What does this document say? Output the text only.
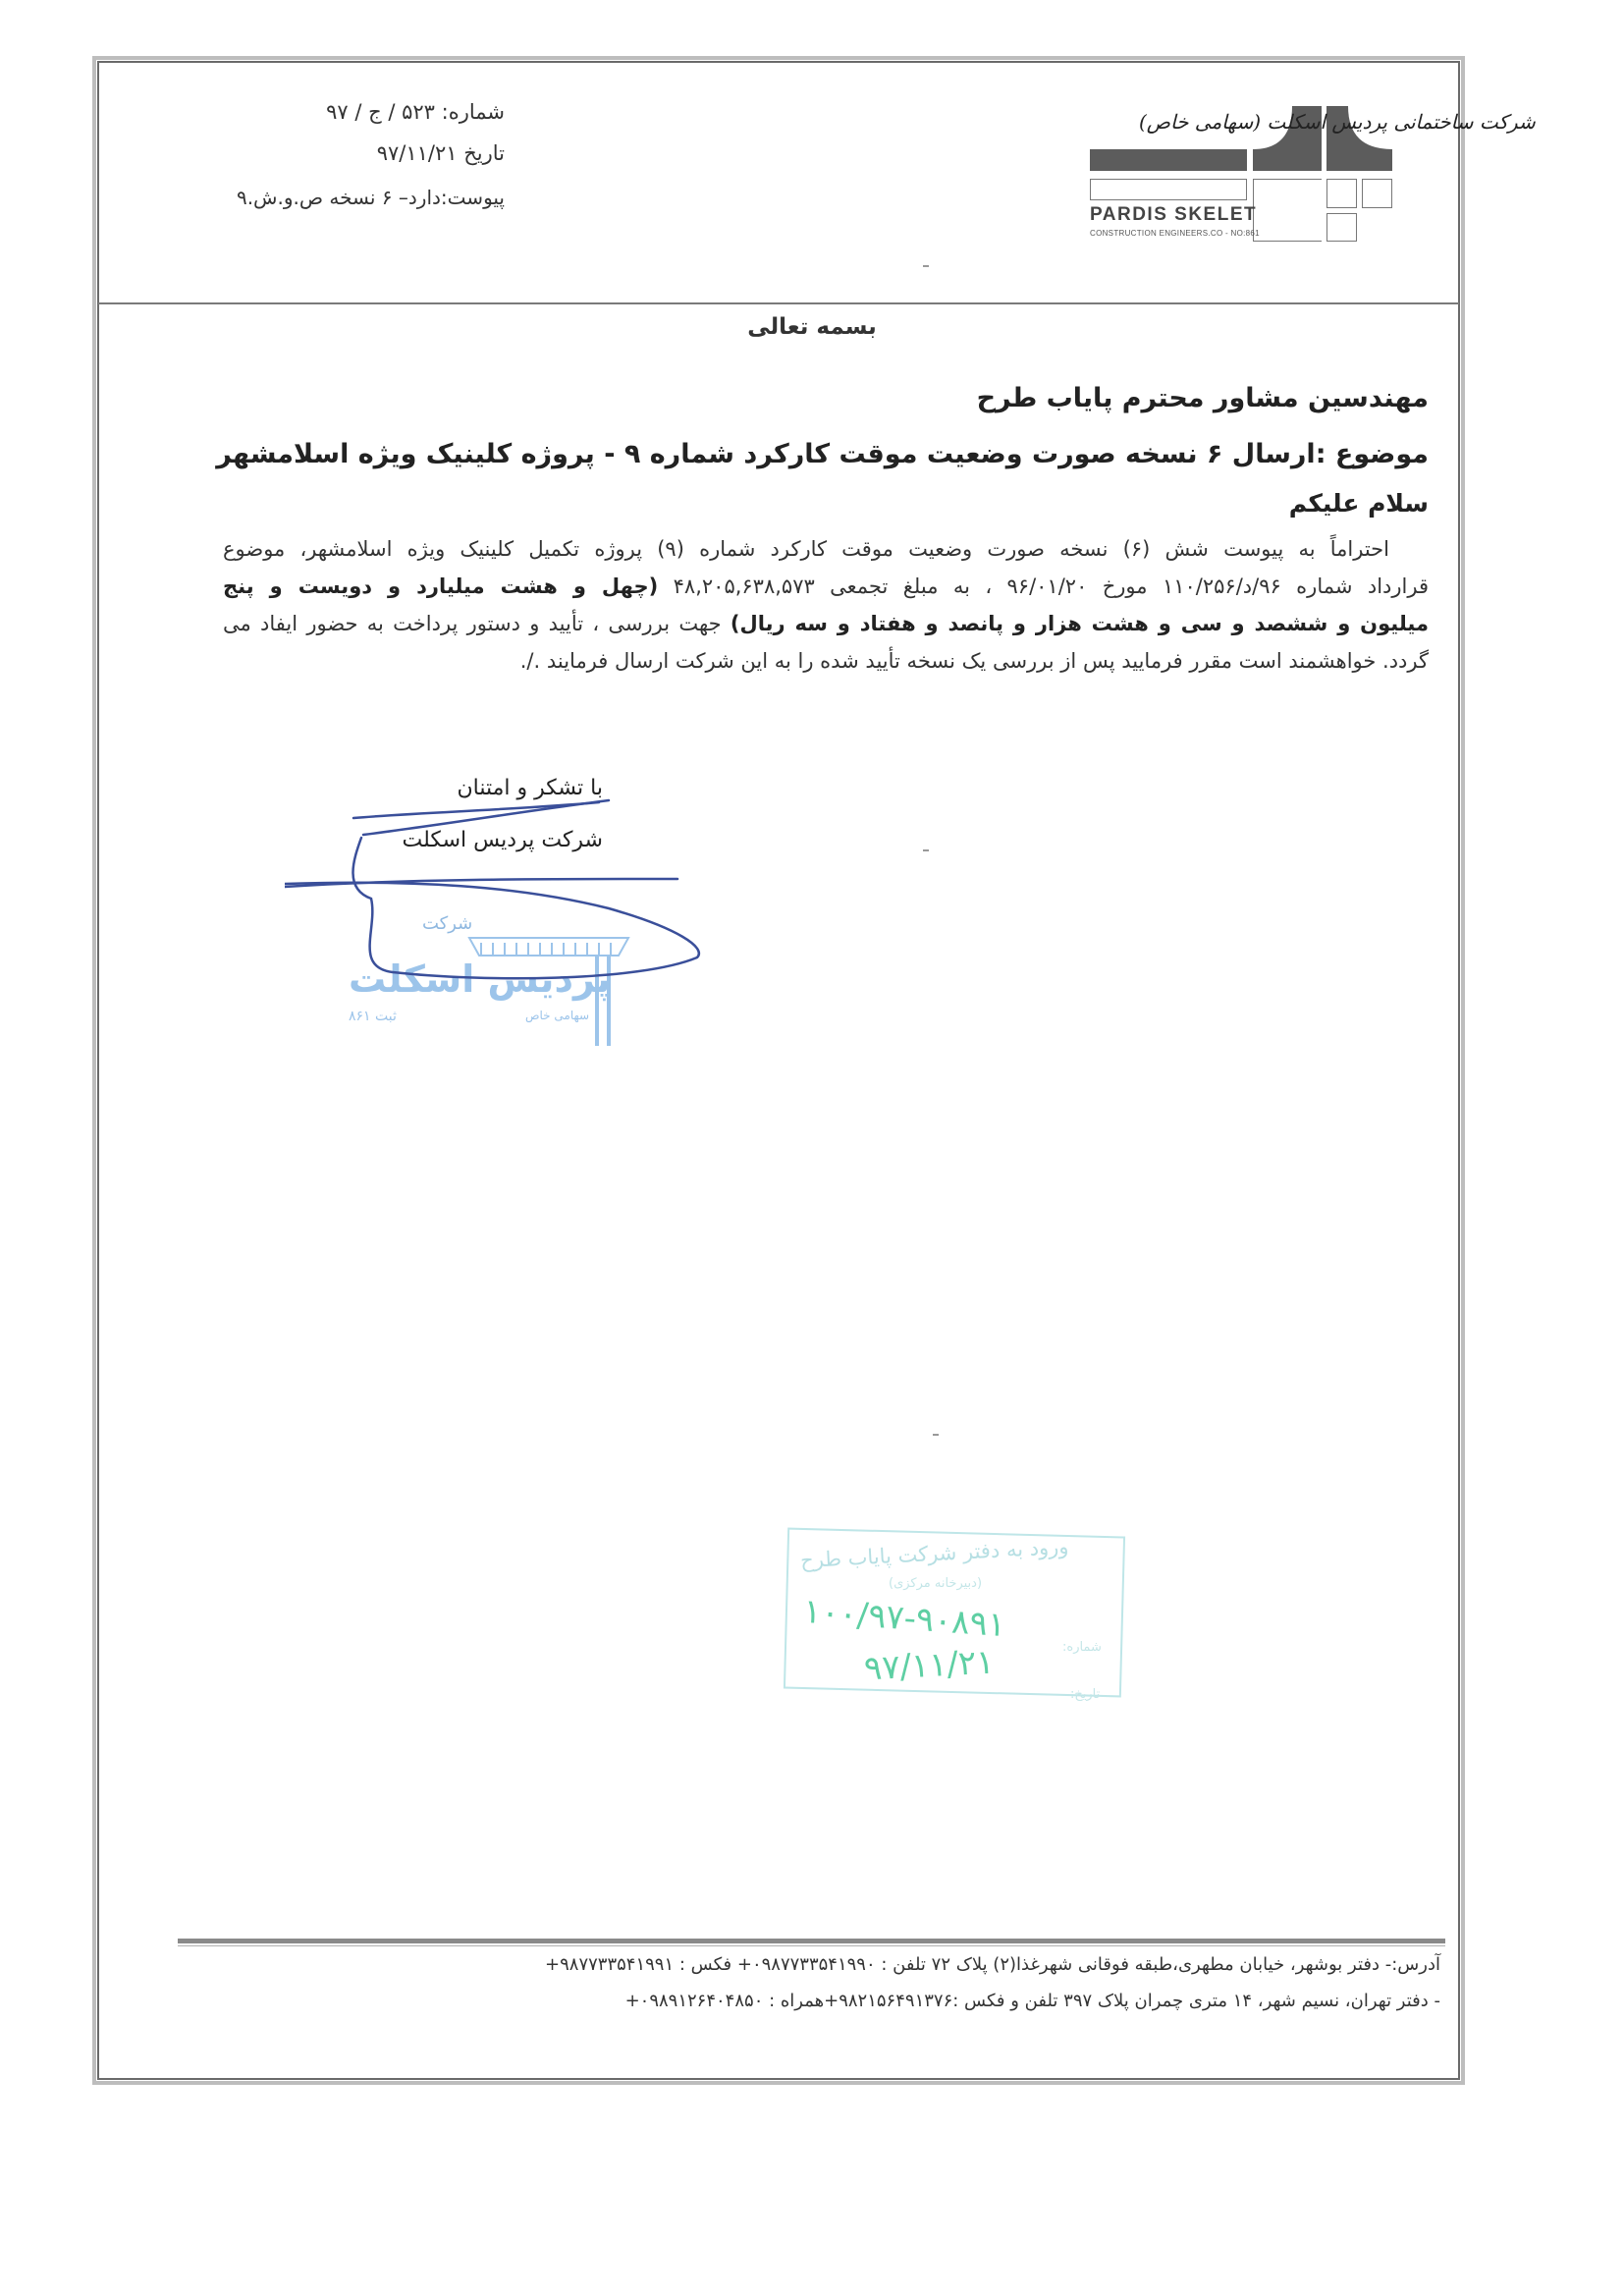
شماره: ۵۲۳ / ج / ۹۷
تاریخ ۹۷/۱۱/۲۱
پیوست:دارد– ۶ نسخه ص.و.ش.۹
شرکت ساختمانی پردیس اسکلت (سهامی خاص)
PARDIS SKELET
CONSTRUCTION ENGINEERS.CO - NO:861
بسمه تعالی
مهندسین مشاور محترم پایاب طرح
موضوع :ارسال ۶ نسخه صورت وضعیت موقت کارکرد شماره ۹ - پروژه کلینیک ویژه اسلامشهر
سلام علیکم
احتراماً به پیوست شش (۶) نسخه صورت وضعیت موقت کارکرد شماره (۹) پروژه تکمیل کلینیک ویژه اسلامشهر، موضوع
قرارداد شماره ۹۶/د/۱۱۰/۲۵۶ مورخ ۹۶/۰۱/۲۰ ، به مبلغ تجمعی ۴۸,۲۰۵,۶۳۸,۵۷۳ (چهل و هشت میلیارد و دویست و پنج
میلیون و ششصد و سی و هشت هزار و پانصد و هفتاد و سه ریال) جهت بررسی ، تأیید و دستور پرداخت به حضور ایفاد می
گردد. خواهشمند است مقرر فرمایید پس از بررسی یک نسخه تأیید شده را به این شرکت ارسال فرمایند ./.
با تشکر و امتنان
شرکت پردیس اسکلت
شرکت
پردیس اسکلت
سهامی خاص
ثبت ۸۶۱
ورود به دفتر شرکت پایاب طرح
(دبیرخانه مرکزی)
۱۰۰/۹۷-۹۰۸۹۱
۹۷/۱۱/۲۱	شماره:
تاریخ:
آدرس:- دفتر بوشهر، خیابان مطهری،طبقه فوقانی شهرغذا(۲) پلاک ۷۲ تلفن : ۰۹۸۷۷۳۳۵۴۱۹۹۰+ فکس : ۹۸۷۷۳۳۵۴۱۹۹۱+
- دفتر تهران، نسیم شهر، ۱۴ متری چمران پلاک ۳۹۷ تلفن و فکس :۹۸۲۱۵۶۴۹۱۳۷۶+همراه : ۰۹۸۹۱۲۶۴۰۴۸۵۰+
